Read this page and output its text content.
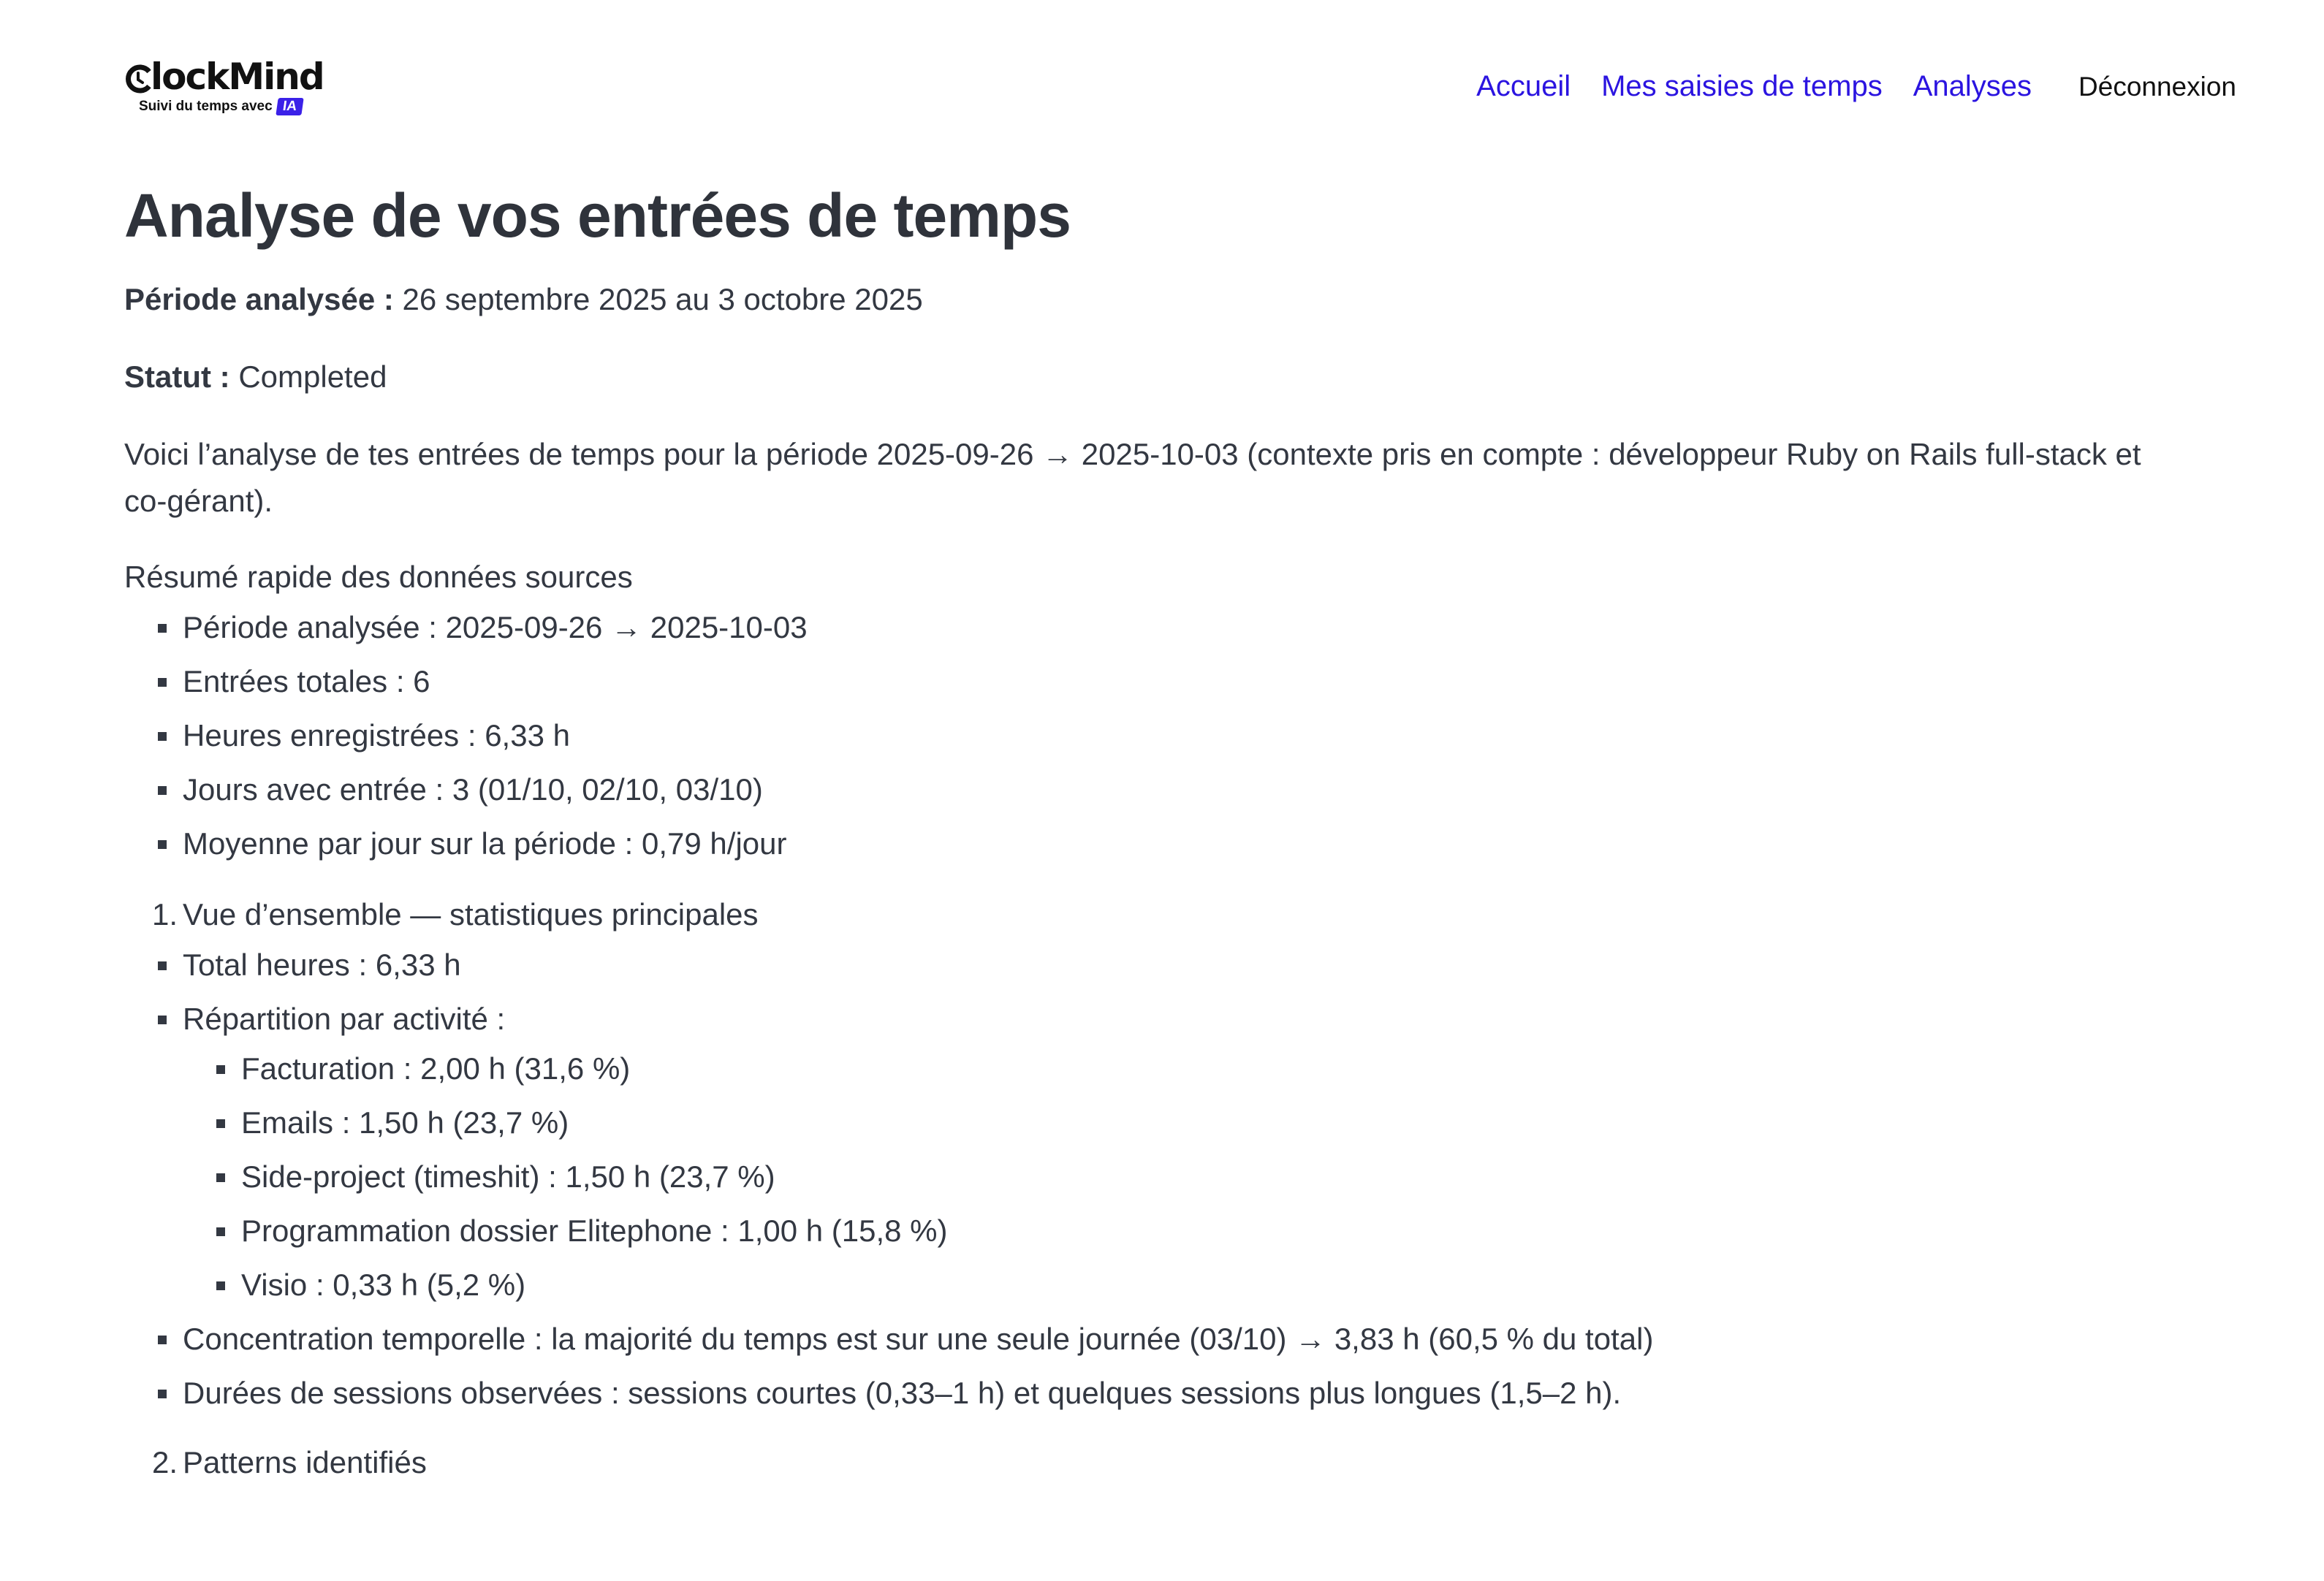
lockMind
Suivi du temps avec IA
Accueil Mes saisies de temps Analyses Déconnexion
Analyse de vos entrées de temps

Période analysée : 26 septembre 2025 au 3 octobre 2025

Statut : Completed

Voici l’analyse de tes entrées de temps pour la période 2025-09-26 → 2025-10-03 (contexte pris en compte : développeur Ruby on Rails full-stack et co-gérant).

Résumé rapide des données sources

Période analysée : 2025-09-26 → 2025-10-03
Entrées totales : 6
Heures enregistrées : 6,33 h
Jours avec entrée : 3 (01/10, 02/10, 03/10)
Moyenne par jour sur la période : 0,79 h/jour
1. Vue d’ensemble — statistiques principales
Total heures : 6,33 h
Répartition par activité :
Facturation : 2,00 h (31,6 %)
Emails : 1,50 h (23,7 %)
Side-project (timeshit) : 1,50 h (23,7 %)
Programmation dossier Elitephone : 1,00 h (15,8 %)
Visio : 0,33 h (5,2 %)
Concentration temporelle : la majorité du temps est sur une seule journée (03/10) → 3,83 h (60,5 % du total)
Durées de sessions observées : sessions courtes (0,33–1 h) et quelques sessions plus longues (1,5–2 h).
2. Patterns identifiés
